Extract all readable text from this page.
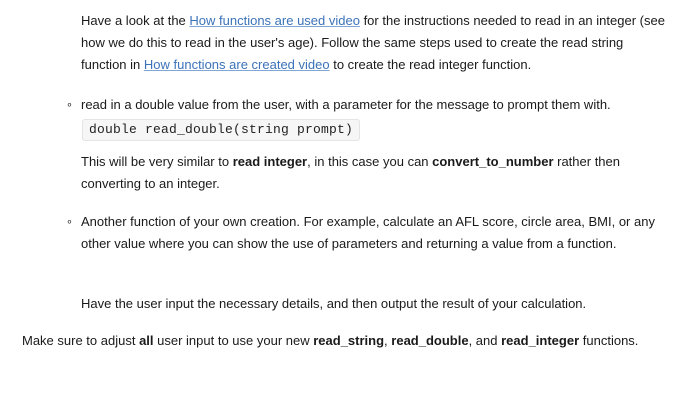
Have a look at the How functions are used video for the instructions needed to read in an integer (see how we do this to read in the user's age). Follow the same steps used to create the read string function in How functions are created video to create the read integer function.

∘ read in a double value from the user, with a parameter for the message to prompt them with.

double read_double(string prompt)

This will be very similar to read integer, in this case you can convert_to_number rather then converting to an integer.

∘ Another function of your own creation. For example, calculate an AFL score, circle area, BMI, or any other value where you can show the use of parameters and returning a value from a function.

Have the user input the necessary details, and then output the result of your calculation.

Make sure to adjust all user input to use your new read_string, read_double, and read_integer functions.
